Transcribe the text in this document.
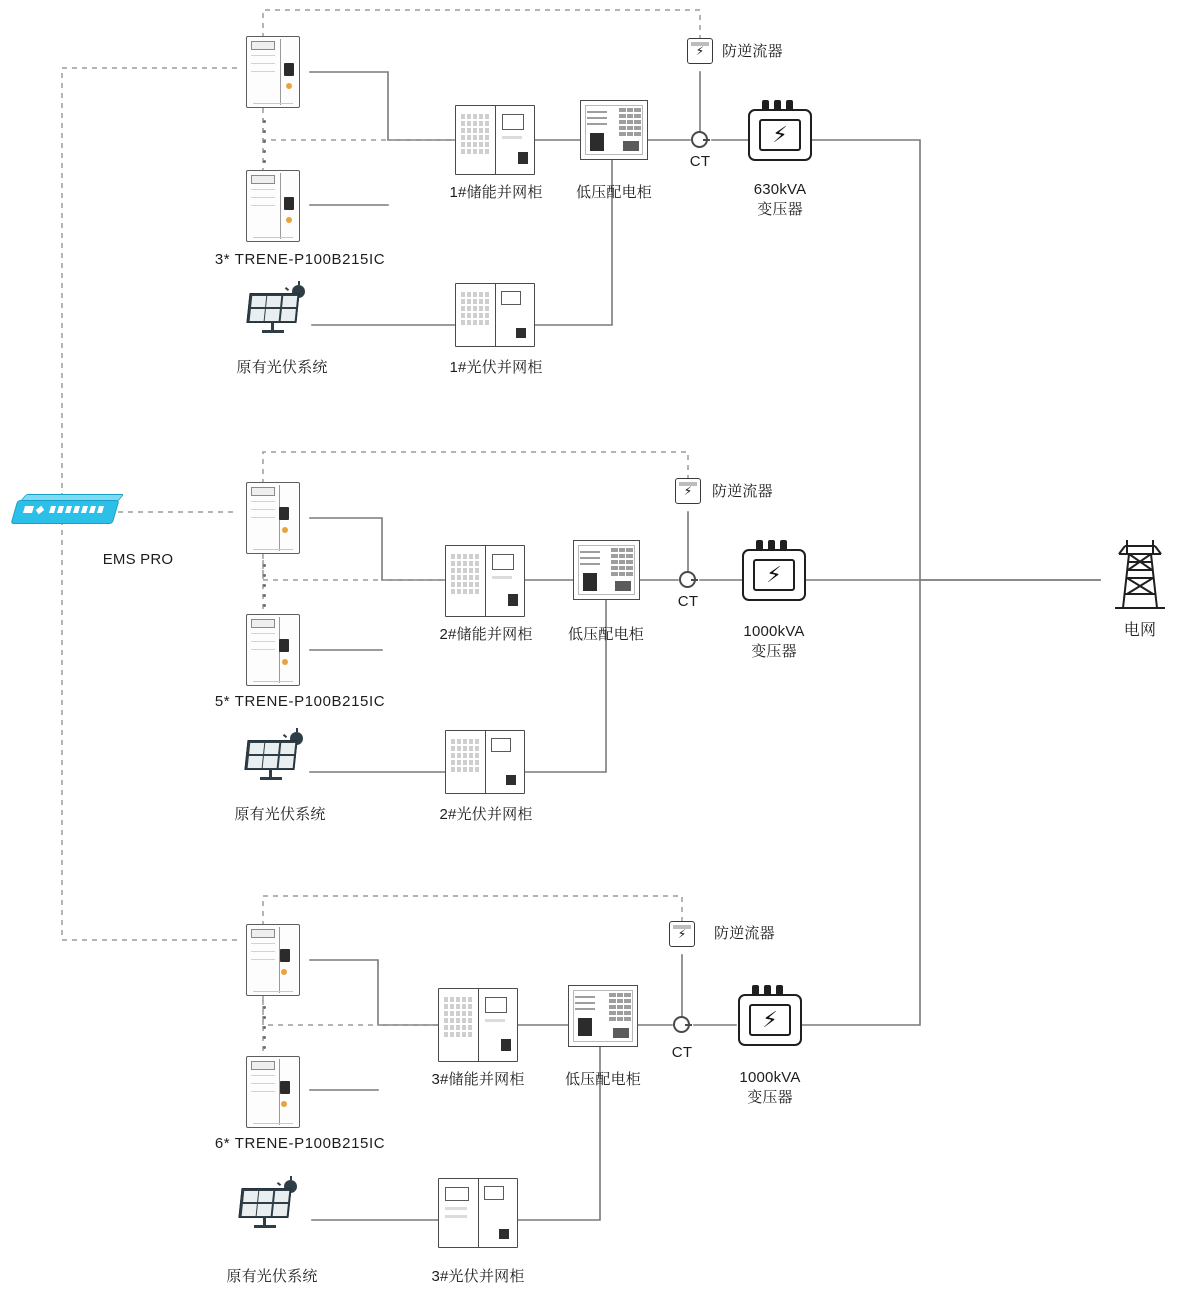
EMS PRO
电网
3* TRENE-P100B215IC
1#储能并网柜	低压配电柜
CT
⚡ 防逆流器
⚡
630kVA
变压器
原有光伏系统	1#光伏并网柜
5* TRENE-P100B215IC
2#储能并网柜	低压配电柜
CT
⚡ 防逆流器
⚡
1000kVA
变压器
原有光伏系统	2#光伏并网柜
6* TRENE-P100B215IC
3#储能并网柜	低压配电柜
CT
⚡ 防逆流器
⚡
1000kVA
变压器
原有光伏系统	3#光伏并网柜
